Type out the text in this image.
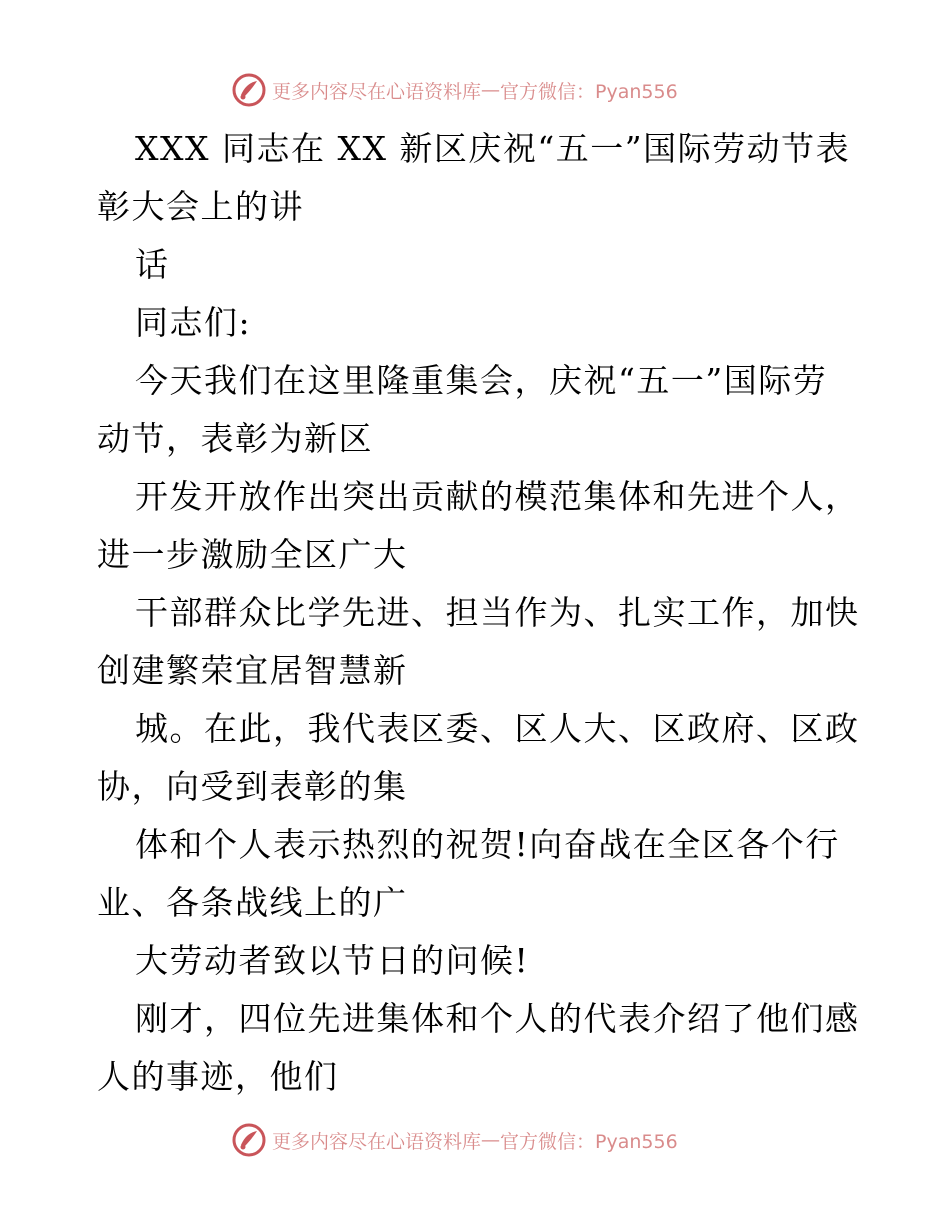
更多内容尽在心语资料库 — 官方微信：Pyan556

XXX 同志在 XX 新区庆祝“五一”国际劳动节表

彰大会上的讲

话

同志们:

今天我们在这里隆重集会，庆祝“五一”国际劳

动节，表彰为新区

开发开放作出突出贡献的模范集体和先进个人，

进一步激励全区广大

干部群众比学先进、担当作为、扎实工作，加快

创建繁荣宜居智慧新

城。在此，我代表区委、区人大、区政府、区政

协，向受到表彰的集

体和个人表示热烈的祝贺!向奋战在全区各个行

业、各条战线上的广

大劳动者致以节日的问候!

刚才，四位先进集体和个人的代表介绍了他们感

人的事迹，他们

更多内容尽在心语资料库 — 官方微信：Pyan556
